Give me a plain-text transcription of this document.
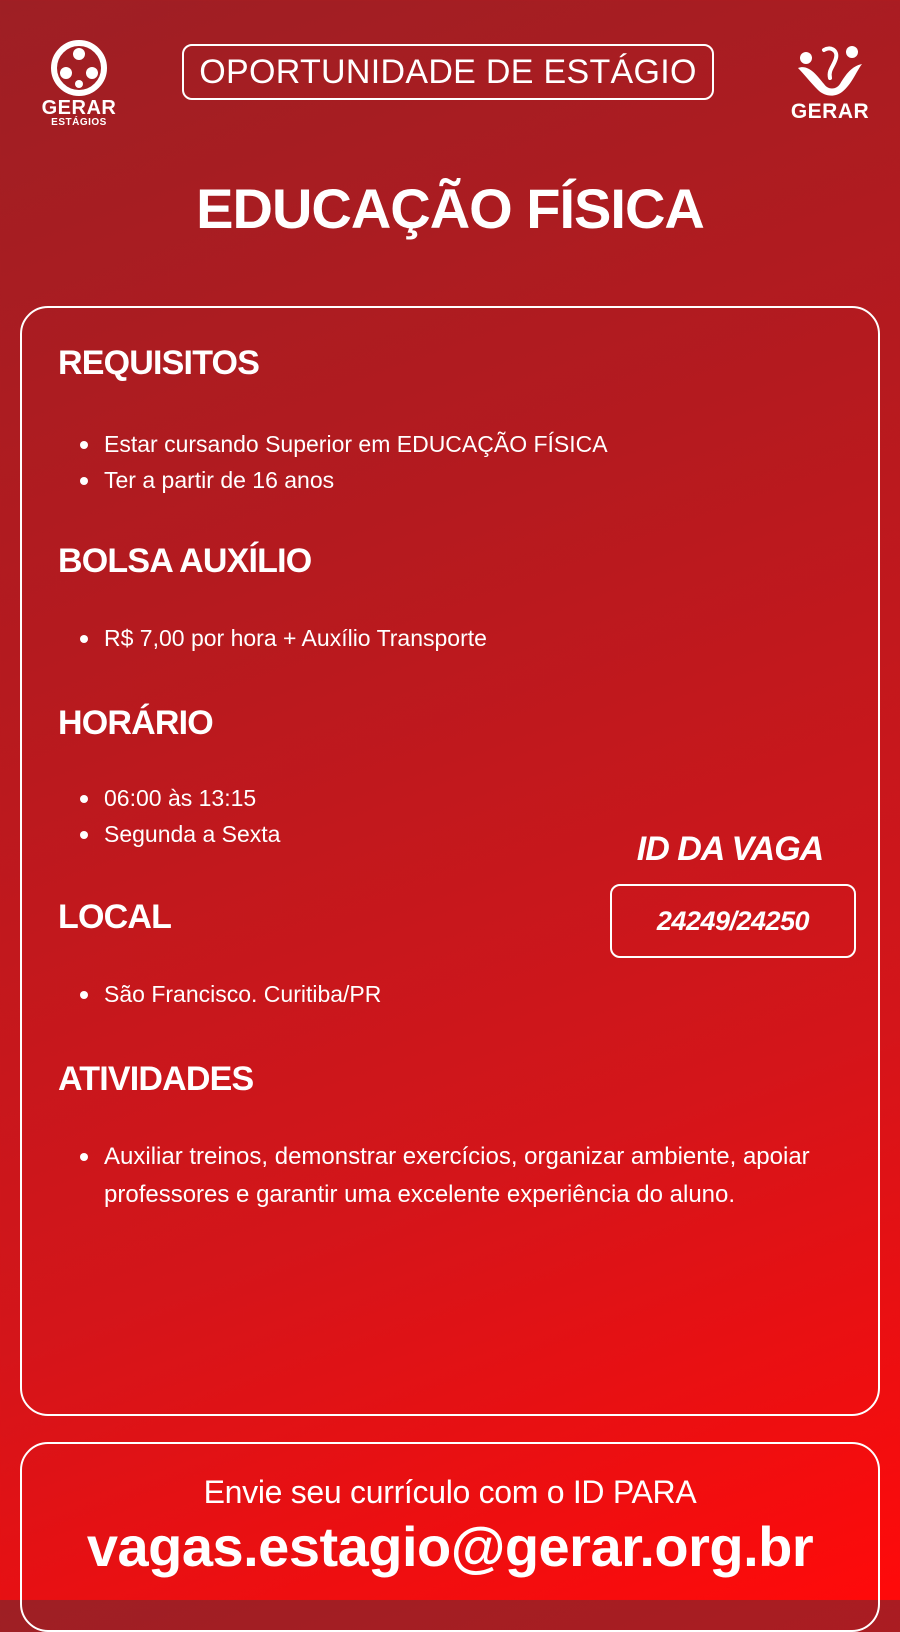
GERAR
ESTÁGIOS
OPORTUNIDADE DE ESTÁGIO
GERAR
EDUCAÇÃO FÍSICA
REQUISITOS
Estar cursando Superior em EDUCAÇÃO FÍSICA
Ter a partir de 16 anos
BOLSA AUXÍLIO
R$ 7,00 por hora + Auxílio Transporte
HORÁRIO
06:00 às 13:15
Segunda a Sexta
LOCAL
São Francisco. Curitiba/PR
ATIVIDADES
Auxiliar treinos, demonstrar exercícios, organizar ambiente, apoiar professores e garantir uma excelente experiência do aluno.
ID DA VAGA
24249/24250
Envie seu currículo com o ID PARA
vagas.estagio@gerar.org.br
